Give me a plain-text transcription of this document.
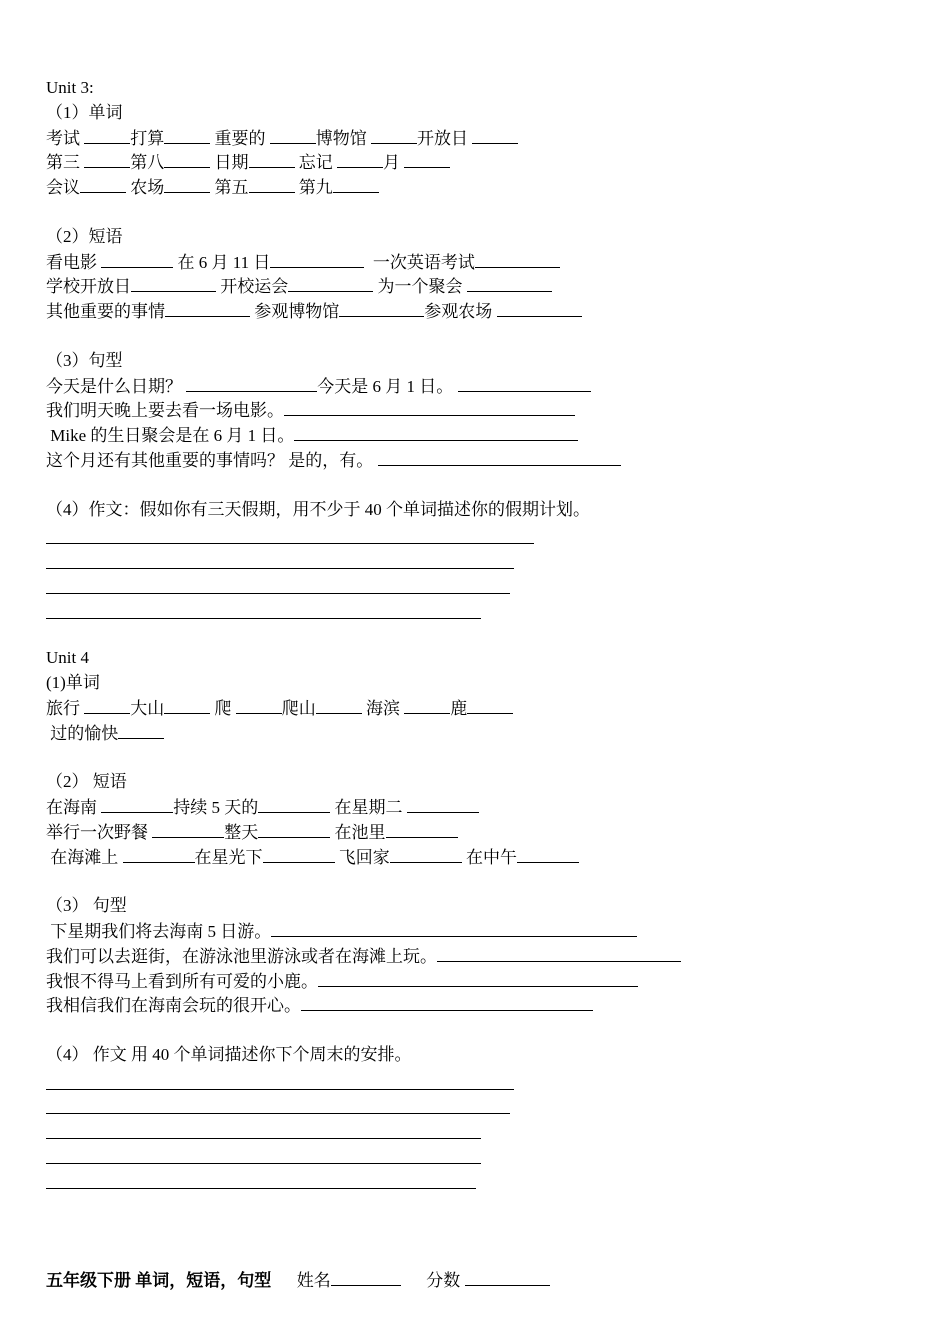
Unit 3:
（1）单词
考试	打算	重要的	博物馆	开放日
第三	第八	日期	忘记	月
会议	农场	第五	第九
（2）短语
看电影	在 6 月 11 日	一次英语考试
学校开放日	开校运会	为一个聚会
其他重要的事情	参观博物馆	参观农场
（3）句型
今天是什么日期？	今天是 6 月 1 日。
我们明天晚上要去看一场电影。
Mike 的生日聚会是在 6 月 1 日。
这个月还有其他重要的事情吗？ 是的，有。
（4）作文：假如你有三天假期，用不少于 40 个单词描述你的假期计划。
Unit 4
(1)单词
旅行	大山	爬	爬山	海滨	鹿
过的愉快
（2） 短语
在海南	持续 5 天的	在星期二
举行一次野餐	整天	在池里
在海滩上	在星光下	飞回家	在中午
（3） 句型
下星期我们将去海南 5 日游。
我们可以去逛街，在游泳池里游泳或者在海滩上玩。
我恨不得马上看到所有可爱的小鹿。
我相信我们在海南会玩的很开心。
（4） 作文 用 40 个单词描述你下个周末的安排。
五年级下册 单词，短语，句型 姓名	分数
